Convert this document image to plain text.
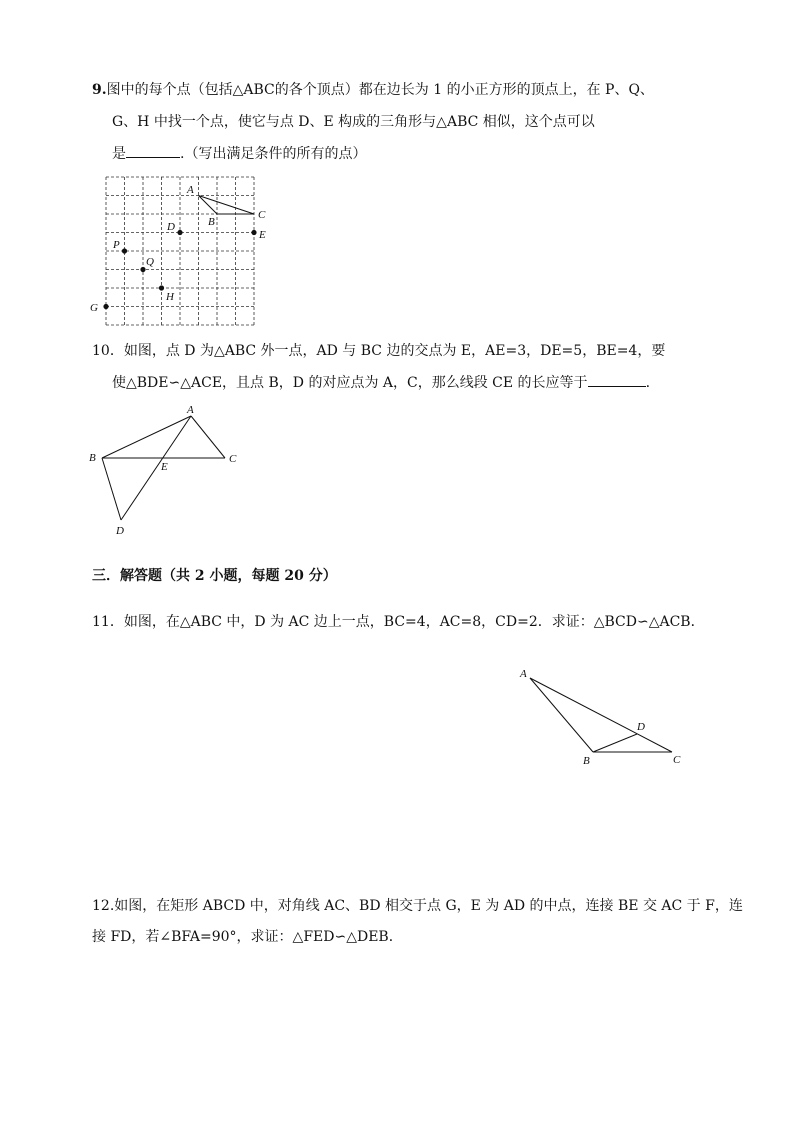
9.图中的每个点（包括△ABC的各个顶点）都在边长为 1 的小正方形的顶点上，在 P、Q、
G、H 中找一个点，使它与点 D、E 构成的三角形与△ABC 相似，这个点可以
是	.（写出满足条件的所有的点）
A
B
C
D
E
P
Q
H
G
10．如图，点 D 为△ABC 外一点，AD 与 BC 边的交点为 E，AE=3，DE=5，BE=4，要
使△BDE∽△ACE，且点 B，D 的对应点为 A，C，那么线段 CE 的长应等于	.
A
B	C
E
D
三．解答题（共 2 小题，每题 20 分）
11．如图，在△ABC 中，D 为 AC 边上一点，BC=4，AC=8，CD=2．求证：△BCD∽△ACB．
A
B	C
D
12.如图，在矩形 ABCD 中，对角线 AC、BD 相交于点 G，E 为 AD 的中点，连接 BE 交 AC 于 F，连
接 FD，若∠BFA=90°，求证：△FED∽△DEB．
